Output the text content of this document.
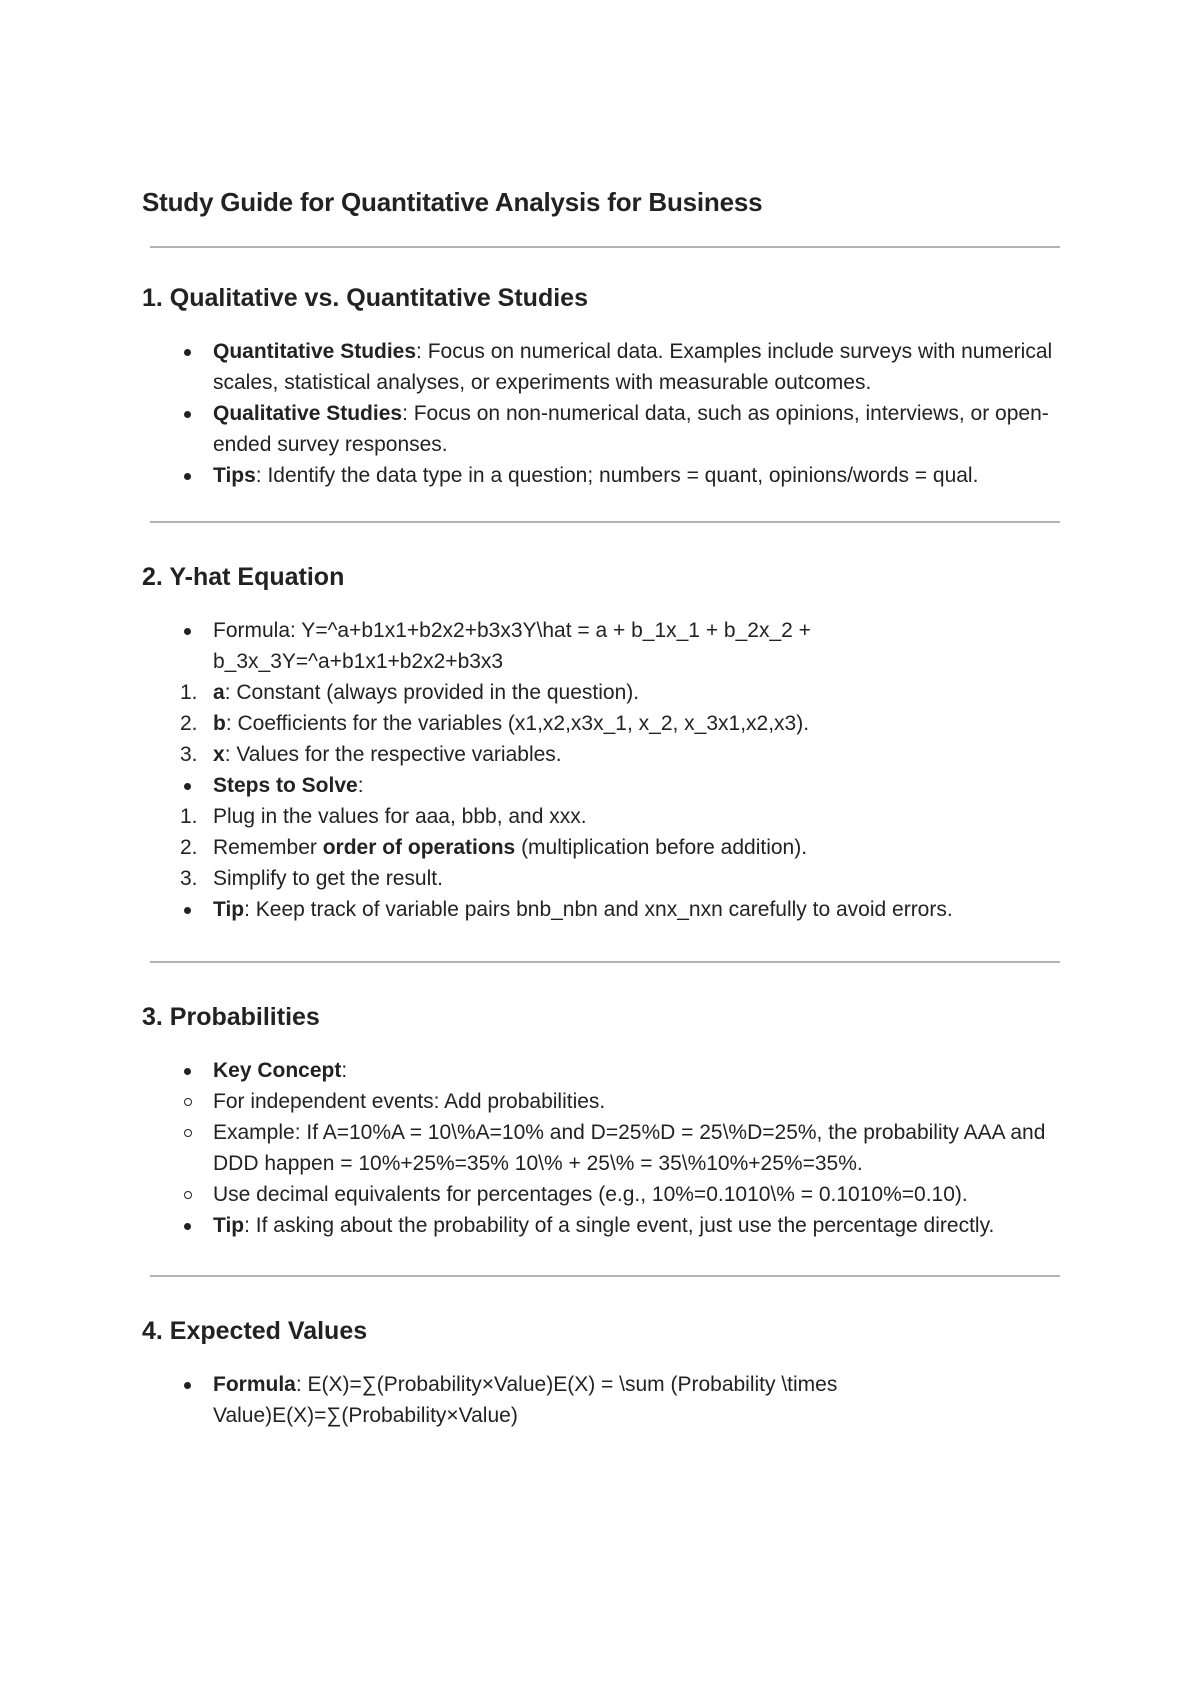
Study Guide for Quantitative Analysis for Business
1. Qualitative vs. Quantitative Studies
Quantitative Studies: Focus on numerical data. Examples include surveys with numerical scales, statistical analyses, or experiments with measurable outcomes.
Qualitative Studies: Focus on non-numerical data, such as opinions, interviews, or open-ended survey responses.
Tips: Identify the data type in a question; numbers = quant, opinions/words = qual.
2. Y-hat Equation
Formula: Y=^a+b1x1+b2x2+b3x3Y\hat = a + b_1x_1 + b_2x_2 +
b_3x_3Y=^a+b1x1+b2x2+b3x3
1. a: Constant (always provided in the question).
2. b: Coefficients for the variables (x1,x2,x3x_1, x_2, x_3x1,x2,x3).
3. x: Values for the respective variables.
Steps to Solve:
1. Plug in the values for aaa, bbb, and xxx.
2. Remember order of operations (multiplication before addition).
3. Simplify to get the result.
Tip: Keep track of variable pairs bnb_nbn and xnx_nxn carefully to avoid errors.
3. Probabilities
Key Concept:
For independent events: Add probabilities.
Example: If A=10%A = 10\%A=10% and D=25%D = 25\%D=25%, the probability AAA and DDD happen = 10%+25%=35% 10\% + 25\% = 35\%10%+25%=35%.
Use decimal equivalents for percentages (e.g., 10%=0.1010\% = 0.1010%=0.10).
Tip: If asking about the probability of a single event, just use the percentage directly.
4. Expected Values
Formula: E(X)=∑(Probability×Value)E(X) = \sum (Probability \times Value)E(X)=∑(Probability×Value)
